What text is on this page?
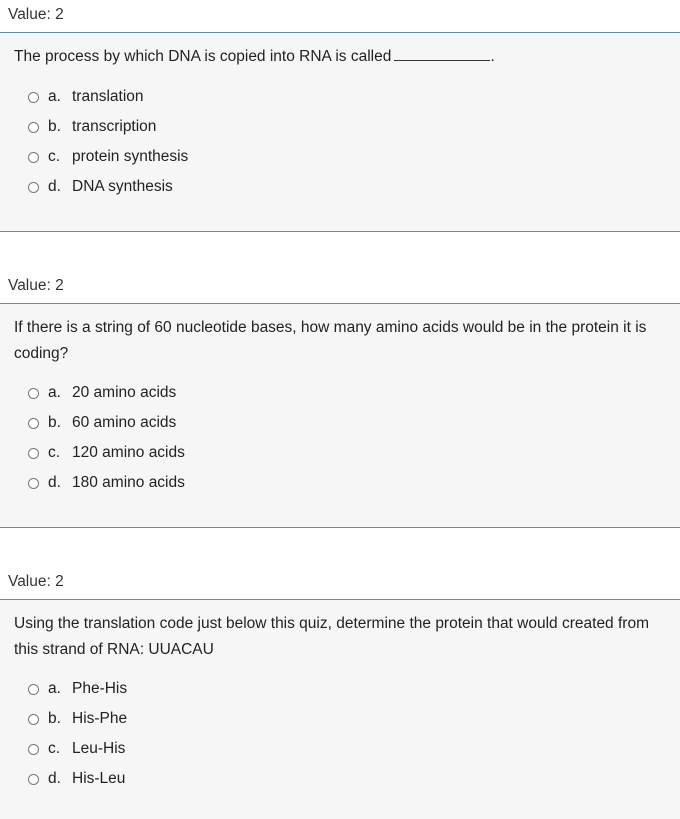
Value: 2
The process by which DNA is copied into RNA is called	.
a. translation
b. transcription
c. protein synthesis
d. DNA synthesis
Value: 2
If there is a string of 60 nucleotide bases, how many amino acids would be in the protein it is coding?
a. 20 amino acids
b. 60 amino acids
c. 120 amino acids
d. 180 amino acids
Value: 2
Using the translation code just below this quiz, determine the protein that would created from this strand of RNA: UUACAU
a. Phe-His
b. His-Phe
c. Leu-His
d. His-Leu
